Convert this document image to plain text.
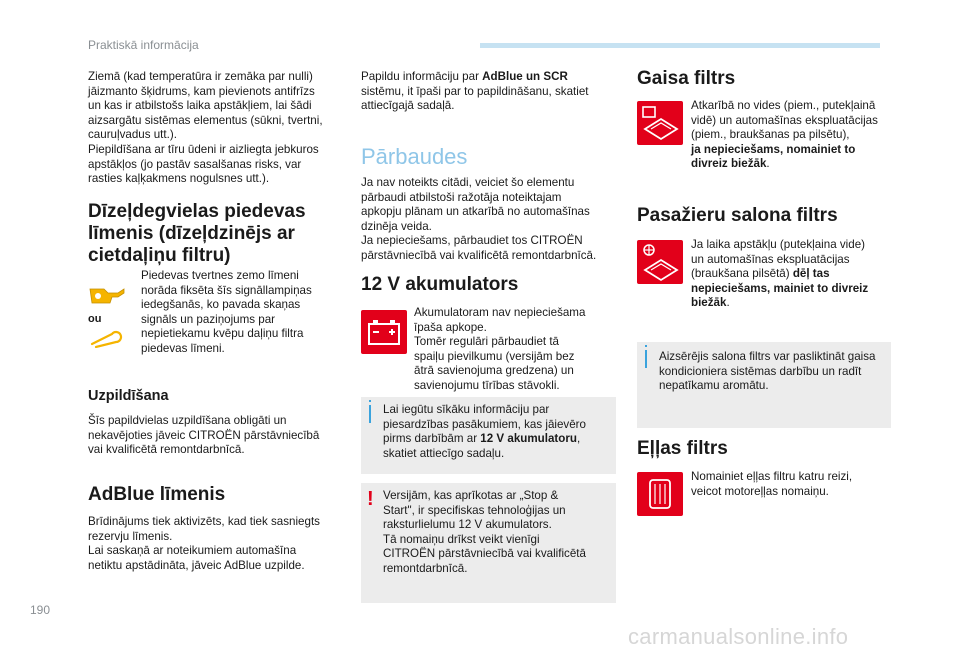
Praktiskā informācija

Ziemā (kad temperatūra ir zemāka par nulli)
jāizmanto šķidrums, kam pievienots antifrīzs
un kas ir atbilstošs laika apstākļiem, lai šādi
aizsargātu sistēmas elementus (sūkni, tvertni,
cauruļvadus utt.).
Piepildīšana ar tīru ūdeni ir aizliegta jebkuros
apstākļos (jo pastāv sasalšanas risks, var
rasties kaļķakmens nogulsnes utt.).

Dīzeļdegvielas piedevas
līmenis (dīzeļdzinējs ar
cietdaļiņu filtru)
ou

Piedevas tvertnes zemo līmeni
norāda fiksēta šīs signāllampiņas
iedegšanās, ko pavada skaņas
signāls un paziņojums par
nepietiekamu kvēpu daļiņu filtra
piedevas līmeni.

Uzpildīšana

Šīs papildvielas uzpildīšana obligāti un
nekavējoties jāveic CITROËN pārstāvniecībā
vai kvalificētā remontdarbnīcā.

AdBlue līmenis

Brīdinājums tiek aktivizēts, kad tiek sasniegts
rezervju līmenis.
Lai saskaņā ar noteikumiem automašīna
netiktu apstādināta, jāveic AdBlue uzpilde.

Papildu informāciju par AdBlue un SCR
sistēmu, it īpaši par to papildināšanu, skatiet
attiecīgajā sadaļā.

Pārbaudes

Ja nav noteikts citādi, veiciet šo elementu
pārbaudi atbilstoši ražotāja noteiktajam
apkopju plānam un atkarībā no automašīnas
dzinēja veida.
Ja nepieciešams, pārbaudiet tos CITROËN
pārstāvniecībā vai kvalificētā remontdarbnīcā.

12 V akumulators

Akumulatoram nav nepieciešama
īpaša apkope.
Tomēr regulāri pārbaudiet tā
spaiļu pievilkumu (versijām bez
ātrā savienojuma gredzena) un
savienojumu tīrības stāvokli.

Lai iegūtu sīkāku informāciju par
piesardzības pasākumiem, kas jāievēro
pirms darbībām ar 12 V akumulatoru,
skatiet attiecīgo sadaļu.

! Versijām, kas aprīkotas ar „Stop &
Start", ir specifiskas tehnoloģijas un
raksturlielumu 12 V akumulators.
Tā nomaiņu drīkst veikt vienīgi
CITROËN pārstāvniecībā vai kvalificētā
remontdarbnīcā.

Gaisa filtrs

Atkarībā no vides (piem., putekļainā
vidē) un automašīnas ekspluatācijas
(piem., braukšanas pa pilsētu),
ja nepieciešams, nomainiet to
divreiz biežāk.

Pasažieru salona filtrs

Ja laika apstākļu (putekļaina vide)
un automašīnas ekspluatācijas
(braukšana pilsētā) dēļ tas
nepieciešams, mainiet to divreiz
biežāk.

Aizsērējis salona filtrs var pasliktināt gaisa
kondicioniera sistēmas darbību un radīt
nepatīkamu aromātu.

Eļļas filtrs

Nomainiet eļļas filtru katru reizi,
veicot motoreļļas nomaiņu.

190
carmanualsonline.info
